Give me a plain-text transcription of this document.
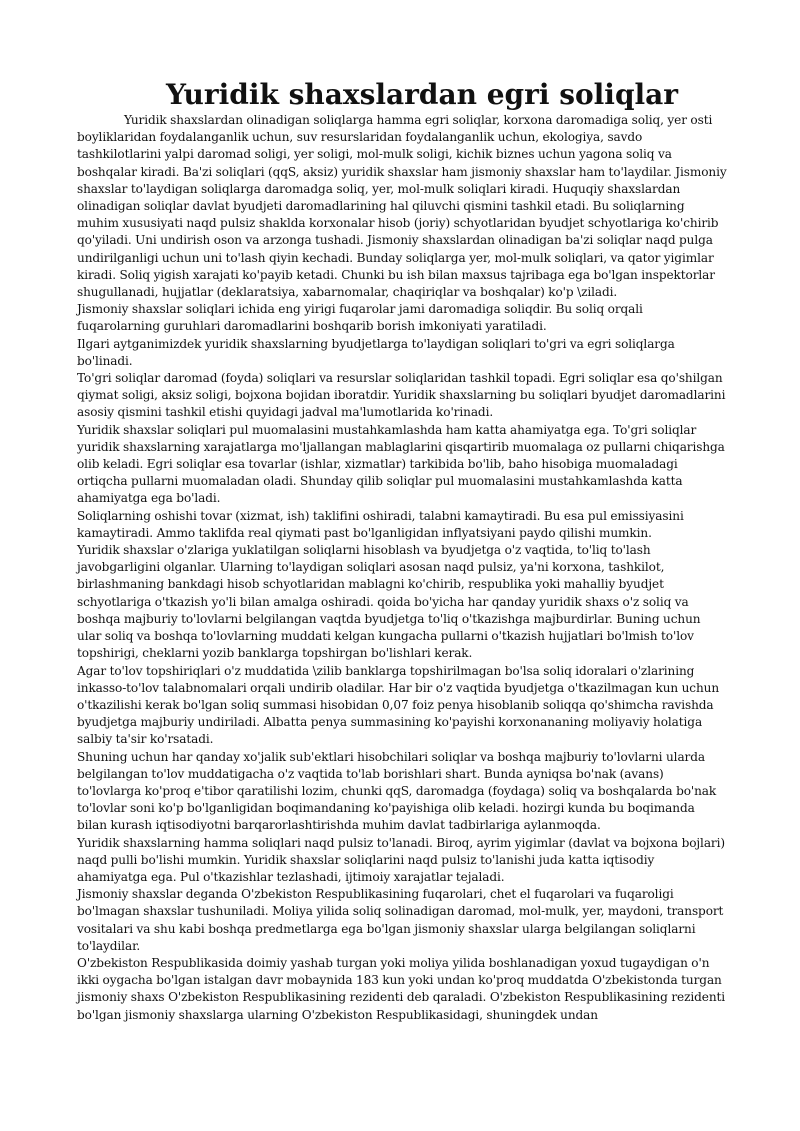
Yuridik shaxslardan egri soliqlar

Yuridik shaxslardan olinadigan soliqlarga hamma egri soliqlar, korxona daromadiga soliq, yer osti boyliklaridan foydalanganlik uchun, suv resurslaridan foydalanganlik uchun, ekologiya, savdo tashkilotlarini yalpi daromad soligi, yer soligi, mol-mulk soligi, kichik biznes uchun yagona soliq va boshqalar kiradi. Ba'zi soliqlari (qqS, aksiz) yuridik shaxslar ham jismoniy shaxslar ham to'laydilar. Jismoniy shaxslar to'laydigan soliqlarga daromadga soliq, yer, mol-mulk soliqlari kiradi. Huquqiy shaxslardan olinadigan soliqlar davlat byudjeti daromadlarining hal qiluvchi qismini tashkil etadi. Bu soliqlarning muhim xususiyati naqd pulsiz shaklda korxonalar hisob (joriy) schyotlaridan byudjet schyotlariga ko'chirib qo'yiladi. Uni undirish oson va arzonga tushadi. Jismoniy shaxslardan olinadigan ba'zi soliqlar naqd pulga undirilganligi uchun uni to'lash qiyin kechadi. Bunday soliqlarga yer, mol-mulk soliqlari, va qator yigimlar kiradi. Soliq yigish xarajati ko'payib ketadi. Chunki bu ish bilan maxsus tajribaga ega bo'lgan inspektorlar shugullanadi, hujjatlar (deklaratsiya, xabarnomalar, chaqiriqlar va boshqalar) ko'p \ziladi.

Jismoniy shaxslar soliqlari ichida eng yirigi fuqarolar jami daromadiga soliqdir. Bu soliq orqali fuqarolarning guruhlari daromadlarini boshqarib borish imkoniyati yaratiladi.

Ilgari aytganimizdek yuridik shaxslarning byudjetlarga to'laydigan soliqlari to'gri va egri soliqlarga bo'linadi.

To'gri soliqlar daromad (foyda) soliqlari va resurslar soliqlaridan tashkil topadi. Egri soliqlar esa qo'shilgan qiymat soligi, aksiz soligi, bojxona bojidan iboratdir. Yuridik shaxslarning bu soliqlari byudjet daromadlarini asosiy qismini tashkil etishi quyidagi jadval ma'lumotlarida ko'rinadi.

Yuridik shaxslar soliqlari pul muomalasini mustahkamlashda ham katta ahamiyatga ega. To'gri soliqlar yuridik shaxslarning xarajatlarga mo'ljallangan mablaglarini qisqartirib muomalaga oz pullarni chiqarishga olib keladi. Egri soliqlar esa tovarlar (ishlar, xizmatlar) tarkibida bo'lib, baho hisobiga muomaladagi ortiqcha pullarni muomaladan oladi. Shunday qilib soliqlar pul muomalasini mustahkamlashda katta ahamiyatga ega bo'ladi.

Soliqlarning oshishi tovar (xizmat, ish) taklifini oshiradi, talabni kamaytiradi. Bu esa pul emissiyasini kamaytiradi. Ammo taklifda real qiymati past bo'lganligidan inflyatsiyani paydo qilishi mumkin.

Yuridik shaxslar o'zlariga yuklatilgan soliqlarni hisoblash va byudjetga o'z vaqtida, to'liq to'lash javobgarligini olganlar. Ularning to'laydigan soliqlari asosan naqd pulsiz, ya'ni korxona, tashkilot, birlashmaning bankdagi hisob schyotlaridan mablagni ko'chirib, respublika yoki mahalliy byudjet schyotlariga o'tkazish yo'li bilan amalga oshiradi. qoida bo'yicha har qanday yuridik shaxs o'z soliq va boshqa majburiy to'lovlarni belgilangan vaqtda byudjetga to'liq o'tkazishga majburdirlar. Buning uchun ular soliq va boshqa to'lovlarning muddati kelgan kungacha pullarni o'tkazish hujjatlari bo'lmish to'lov topshirigi, cheklarni yozib banklarga topshirgan bo'lishlari kerak.

Agar to'lov topshiriqlari o'z muddatida \zilib banklarga topshirilmagan bo'lsa soliq idoralari o'zlarining inkasso-to'lov talabnomalari orqali undirib oladilar. Har bir o'z vaqtida byudjetga o'tkazilmagan kun uchun o'tkazilishi kerak bo'lgan soliq summasi hisobidan 0,07 foiz penya hisoblanib soliqqa qo'shimcha ravishda byudjetga majburiy undiriladi. Albatta penya summasining ko'payishi korxonananing moliyaviy holatiga salbiy ta'sir ko'rsatadi.

Shuning uchun har qanday xo'jalik sub'ektlari hisobchilari soliqlar va boshqa majburiy to'lovlarni ularda belgilangan to'lov muddatigacha o'z vaqtida to'lab borishlari shart. Bunda ayniqsa bo'nak (avans) to'lovlarga ko'proq e'tibor qaratilishi lozim, chunki qqS, daromadga (foydaga) soliq va boshqalarda bo'nak to'lovlar soni ko'p bo'lganligidan boqimandaning ko'payishiga olib keladi. hozirgi kunda bu boqimanda bilan kurash iqtisodiyotni barqarorlashtirishda muhim davlat tadbirlariga aylanmoqda.

Yuridik shaxslarning hamma soliqlari naqd pulsiz to'lanadi. Biroq, ayrim yigimlar (davlat va bojxona bojlari) naqd pulli bo'lishi mumkin. Yuridik shaxslar soliqlarini naqd pulsiz to'lanishi juda katta iqtisodiy ahamiyatga ega. Pul o'tkazishlar tezlashadi, ijtimoiy xarajatlar tejaladi.

Jismoniy shaxslar deganda O'zbekiston Respublikasining fuqarolari, chet el fuqarolari va fuqaroligi bo'lmagan shaxslar tushuniladi. Moliya yilida soliq solinadigan daromad, mol-mulk, yer, maydoni, transport vositalari va shu kabi boshqa predmetlarga ega bo'lgan jismoniy shaxslar ularga belgilangan soliqlarni to'laydilar.

O'zbekiston Respublikasida doimiy yashab turgan yoki moliya yilida boshlanadigan yoxud tugaydigan o'n ikki oygacha bo'lgan istalgan davr mobaynida 183 kun yoki undan ko'proq muddatda O'zbekistonda turgan jismoniy shaxs O'zbekiston Respublikasining rezidenti deb qaraladi. O'zbekiston Respublikasining rezidenti bo'lgan jismoniy shaxslarga ularning O'zbekiston Respublikasidagi, shuningdek undan
